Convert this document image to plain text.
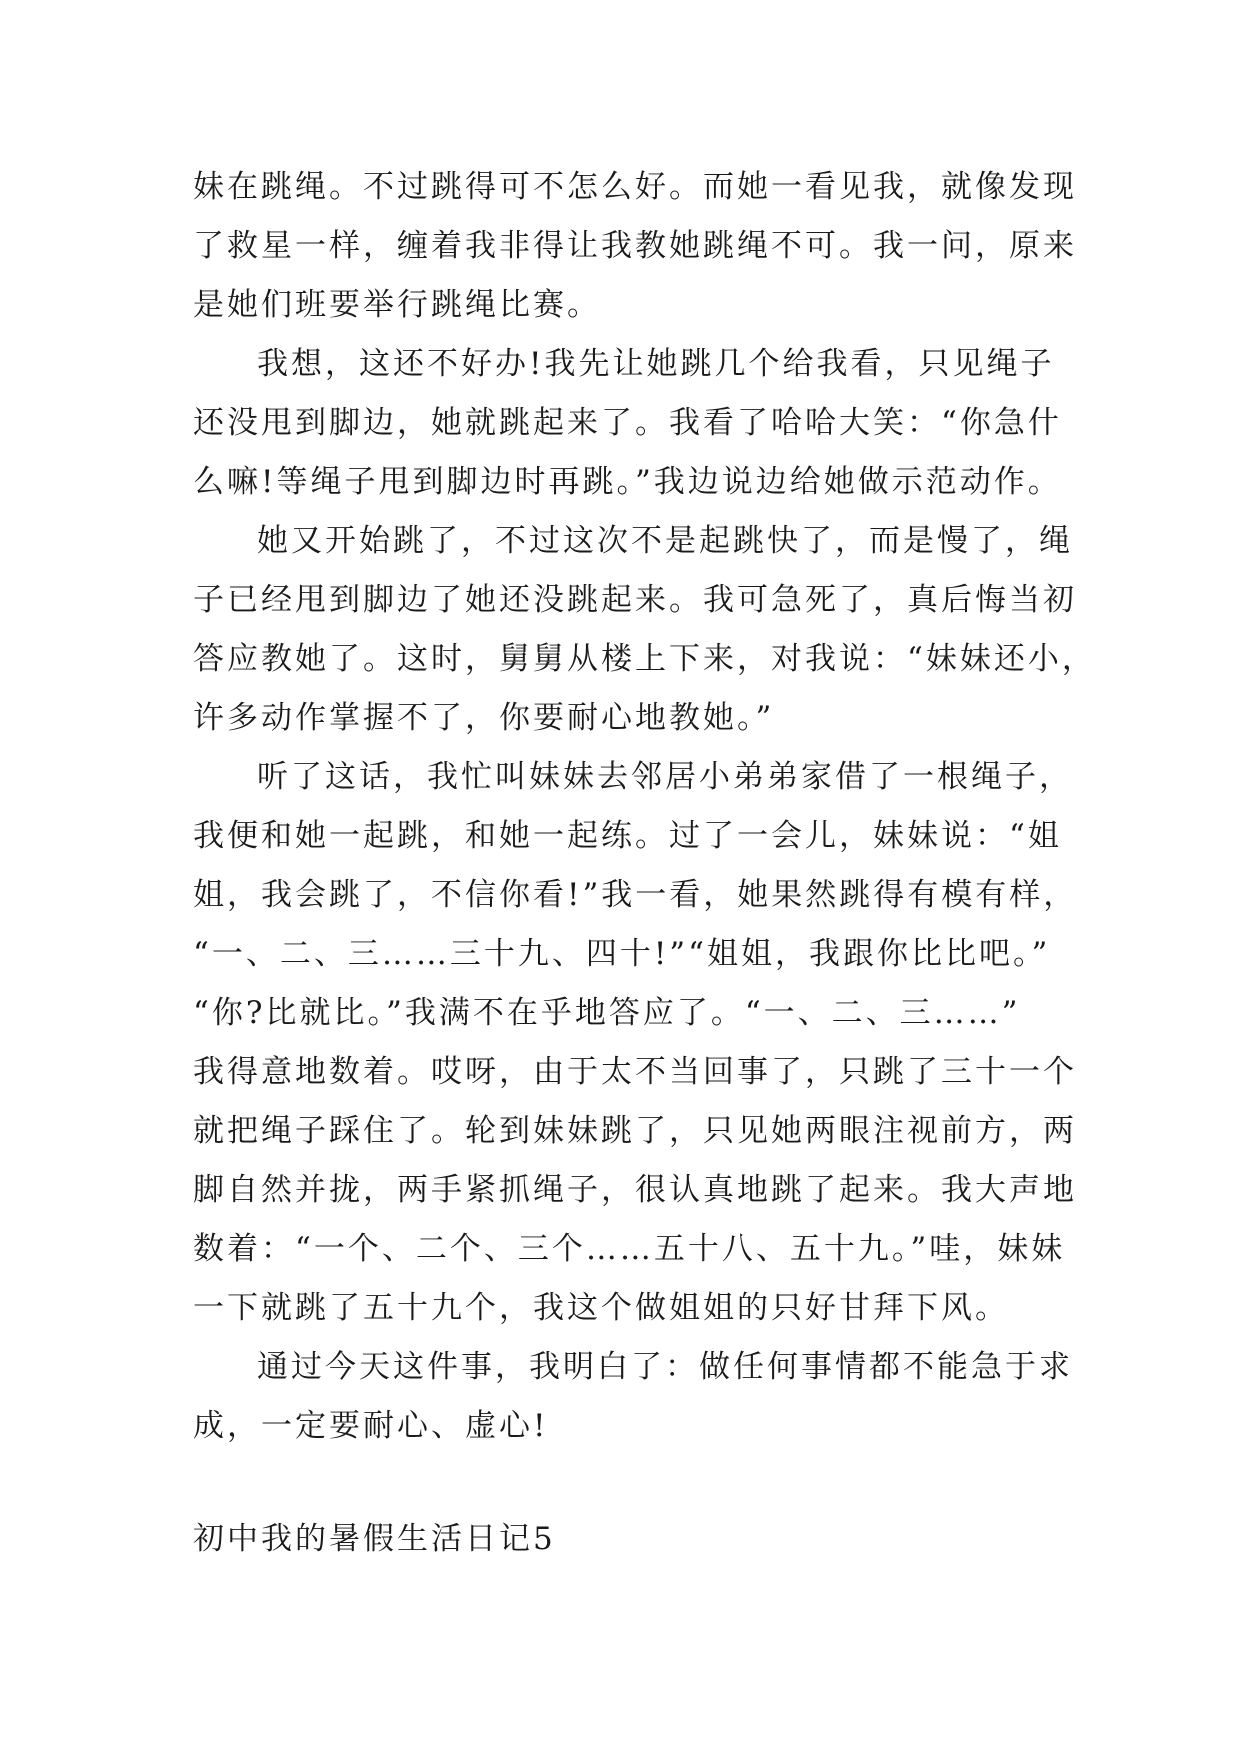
妹在跳绳。不过跳得可不怎么好。而她一看见我，就像发现
了救星一样，缠着我非得让我教她跳绳不可。我一问，原来
是她们班要举行跳绳比赛。
我想，这还不好办!我先让她跳几个给我看，只见绳子
还没甩到脚边，她就跳起来了。我看了哈哈大笑：“你急什
么嘛!等绳子甩到脚边时再跳。”我边说边给她做示范动作。
她又开始跳了，不过这次不是起跳快了，而是慢了，绳
子已经甩到脚边了她还没跳起来。我可急死了，真后悔当初
答应教她了。这时，舅舅从楼上下来，对我说：“妹妹还小，
许多动作掌握不了，你要耐心地教她。”
听了这话，我忙叫妹妹去邻居小弟弟家借了一根绳子，
我便和她一起跳，和她一起练。过了一会儿，妹妹说：“姐
姐，我会跳了，不信你看!”我一看，她果然跳得有模有样，
“一、二、三……三十九、四十!”“姐姐，我跟你比比吧。”
“你?比就比。”我满不在乎地答应了。“一、二、三……”
我得意地数着。哎呀，由于太不当回事了，只跳了三十一个
就把绳子踩住了。轮到妹妹跳了，只见她两眼注视前方，两
脚自然并拢，两手紧抓绳子，很认真地跳了起来。我大声地
数着：“一个、二个、三个……五十八、五十九。”哇，妹妹
一下就跳了五十九个，我这个做姐姐的只好甘拜下风。
通过今天这件事，我明白了：做任何事情都不能急于求
成，一定要耐心、虚心!
初中我的暑假生活日记5
